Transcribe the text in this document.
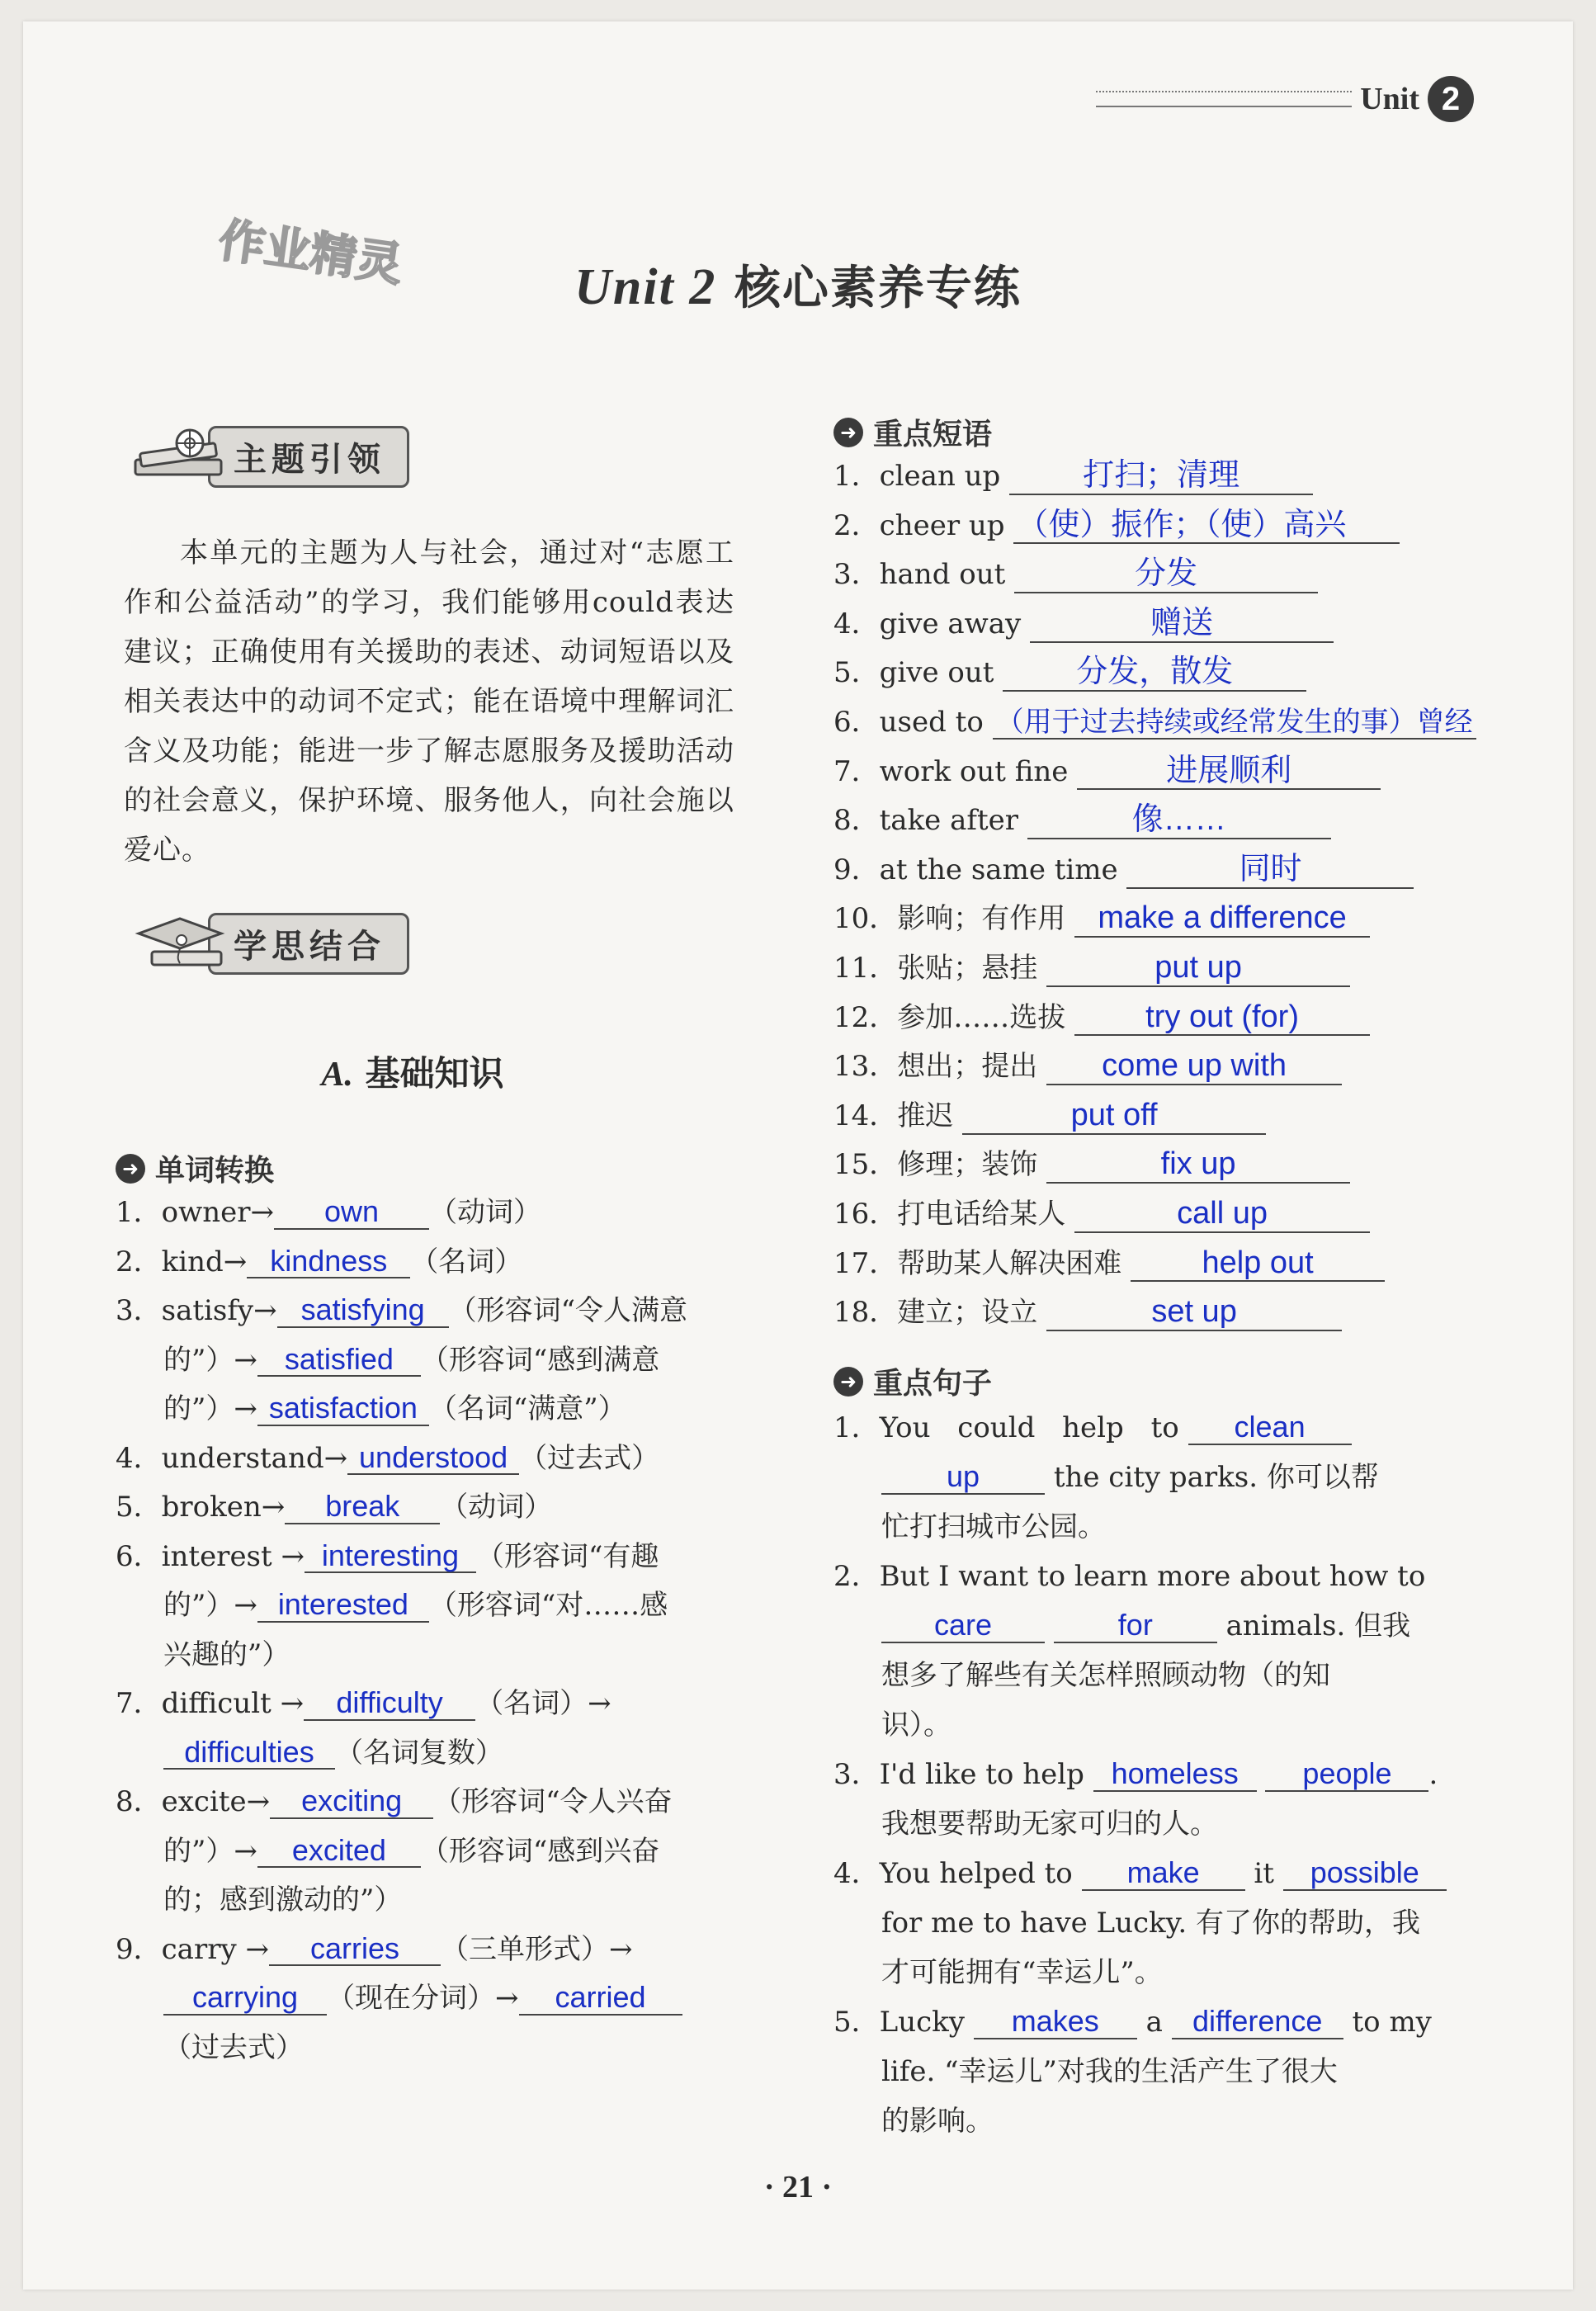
Unit 2
作业精灵	Unit 2 核心素养专练
主题引领
本单元的主题为人与社会，通过对“志愿工作和公益活动”的学习，我们能够用could表达建议；正确使用有关援助的表述、动词短语以及相关表达中的动词不定式；能在语境中理解词汇含义及功能；能进一步了解志愿服务及援助活动的社会意义，保护环境、服务他人，向社会施以爱心。
学思结合
A. 基础知识
➜ 单词转换
1．owner→ own （动词）
2．kind→ kindness （名词）
3．satisfy→ satisfying （形容词“令人满意
的”）→ satisfied （形容词“感到满意
的”）→ satisfaction （名词“满意”）
4．understand→ understood （过去式）
5．broken→ break （动词）
6．interest → interesting （形容词“有趣
的”）→ interested （形容词“对……感
兴趣的”）
7．difficult → difficulty （名词）→
difficulties （名词复数）
8．excite→ exciting （形容词“令人兴奋
的”）→ excited （形容词“感到兴奋
的；感到激动的”）
9．carry → carries （三单形式）→
carrying （现在分词）→ carried
（过去式）
➜ 重点短语
1．clean up	打扫；清理
2．cheer up （使）振作；（使）高兴
3．hand out	分发
4．give away	赠送
5．give out	分发，散发
6．used to （用于过去持续或经常发生的事）曾经
7．work out fine	进展顺利
8．take after	像……
9．at the same time	同时
10．影响；有作用 make a difference
11．张贴；悬挂	put up
12．参加……选拔	try out (for)
13．想出；提出 come up with
14．推迟	put off
15．修理；装饰	fix up
16．打电话给某人	call up
17．帮助某人解决困难	help out
18．建立；设立	set up
➜ 重点句子
1．You could help to clean
up	the city parks. 你可以帮
忙打扫城市公园。
2．But I want to learn more about how to
care	for	animals. 但我
想多了解些有关怎样照顾动物（的知
识）。
3．I'd like to help homeless people .
我想要帮助无家可归的人。
4．You helped to make it possible
for me to have Lucky. 有了你的帮助，我
才可能拥有“幸运儿”。
5．Lucky makes a difference to my
life. “幸运儿”对我的生活产生了很大
的影响。
· 21 ·
